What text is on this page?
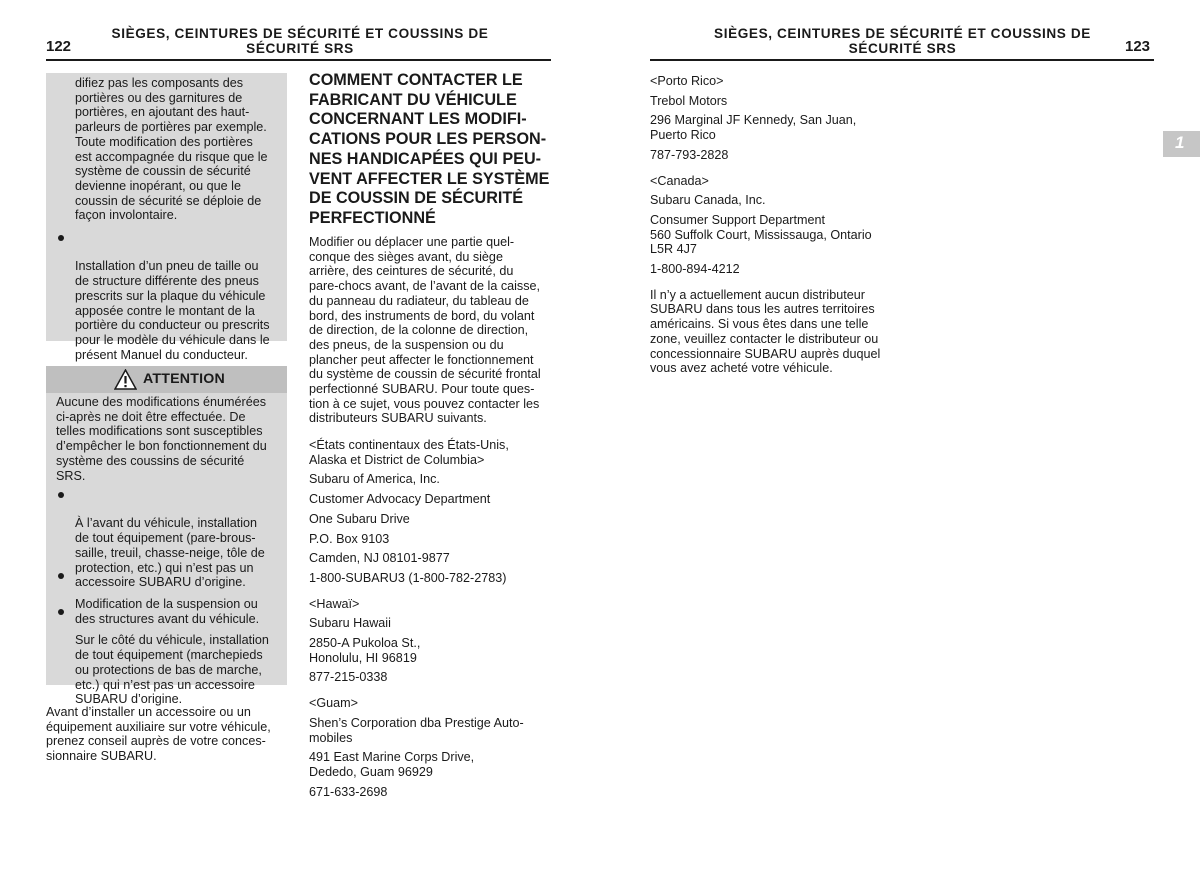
122
SIÈGES, CEINTURES DE SÉCURITÉ ET COUSSINS DE
SÉCURITÉ SRS
difiez pas les composants des
portières ou des garnitures de
portières, en ajoutant des haut-
parleurs de portières par exemple.
Toute modification des portières
est accompagnée du risque que le
système de coussin de sécurité
devienne inopérant, ou que le
coussin de sécurité se déploie de
façon involontaire.

Installation d’un pneu de taille ou
de structure différente des pneus
prescrits sur la plaque du véhicule
apposée contre le montant de la
portière du conducteur ou prescrits
pour le modèle du véhicule dans le
présent Manuel du conducteur.

ATTENTION
Aucune des modifications énumérées
ci-après ne doit être effectuée. De
telles modifications sont susceptibles
d’empêcher le bon fonctionnement du
système des coussins de sécurité
SRS.

À l’avant du véhicule, installation
de tout équipement (pare-brous-
saille, treuil, chasse-neige, tôle de
protection, etc.) qui n’est pas un
accessoire SUBARU d’origine.

Modification de la suspension ou
des structures avant du véhicule.

Sur le côté du véhicule, installation
de tout équipement (marchepieds
ou protections de bas de marche,
etc.) qui n’est pas un accessoire
SUBARU d’origine.

Avant d’installer un accessoire ou un
équipement auxiliaire sur votre véhicule,
prenez conseil auprès de votre conces-
sionnaire SUBARU.
COMMENT CONTACTER LE
FABRICANT DU VÉHICULE
CONCERNANT LES MODIFI-
CATIONS POUR LES PERSON-
NES HANDICAPÉES QUI PEU-
VENT AFFECTER LE SYSTÈME
DE COUSSIN DE SÉCURITÉ
PERFECTIONNÉ
Modifier ou déplacer une partie quel-
conque des sièges avant, du siège
arrière, des ceintures de sécurité, du
pare-chocs avant, de l’avant de la caisse,
du panneau du radiateur, du tableau de
bord, des instruments de bord, du volant
de direction, de la colonne de direction,
des pneus, de la suspension ou du
plancher peut affecter le fonctionnement
du système de coussin de sécurité frontal
perfectionné SUBARU. Pour toute ques-
tion à ce sujet, vous pouvez contacter les
distributeurs SUBARU suivants.
<États continentaux des États-Unis,
Alaska et District de Columbia>
Subaru of America, Inc.
Customer Advocacy Department
One Subaru Drive
P.O. Box 9103
Camden, NJ 08101-9877
1-800-SUBARU3 (1-800-782-2783)
<Hawaï>
Subaru Hawaii
2850-A Pukoloa St.,
Honolulu, HI 96819
877-215-0338
<Guam>
Shen’s Corporation dba Prestige Auto-
mobiles
491 East Marine Corps Drive,
Dededo, Guam 96929
671-633-2698
SIÈGES, CEINTURES DE SÉCURITÉ ET COUSSINS DE
SÉCURITÉ SRS	123
1
<Porto Rico>
Trebol Motors
296 Marginal JF Kennedy, San Juan,
Puerto Rico
787-793-2828
<Canada>
Subaru Canada, Inc.
Consumer Support Department
560 Suffolk Court, Mississauga, Ontario
L5R 4J7
1-800-894-4212
Il n’y a actuellement aucun distributeur
SUBARU dans tous les autres territoires
américains. Si vous êtes dans une telle
zone, veuillez contacter le distributeur ou
concessionnaire SUBARU auprès duquel
vous avez acheté votre véhicule.
